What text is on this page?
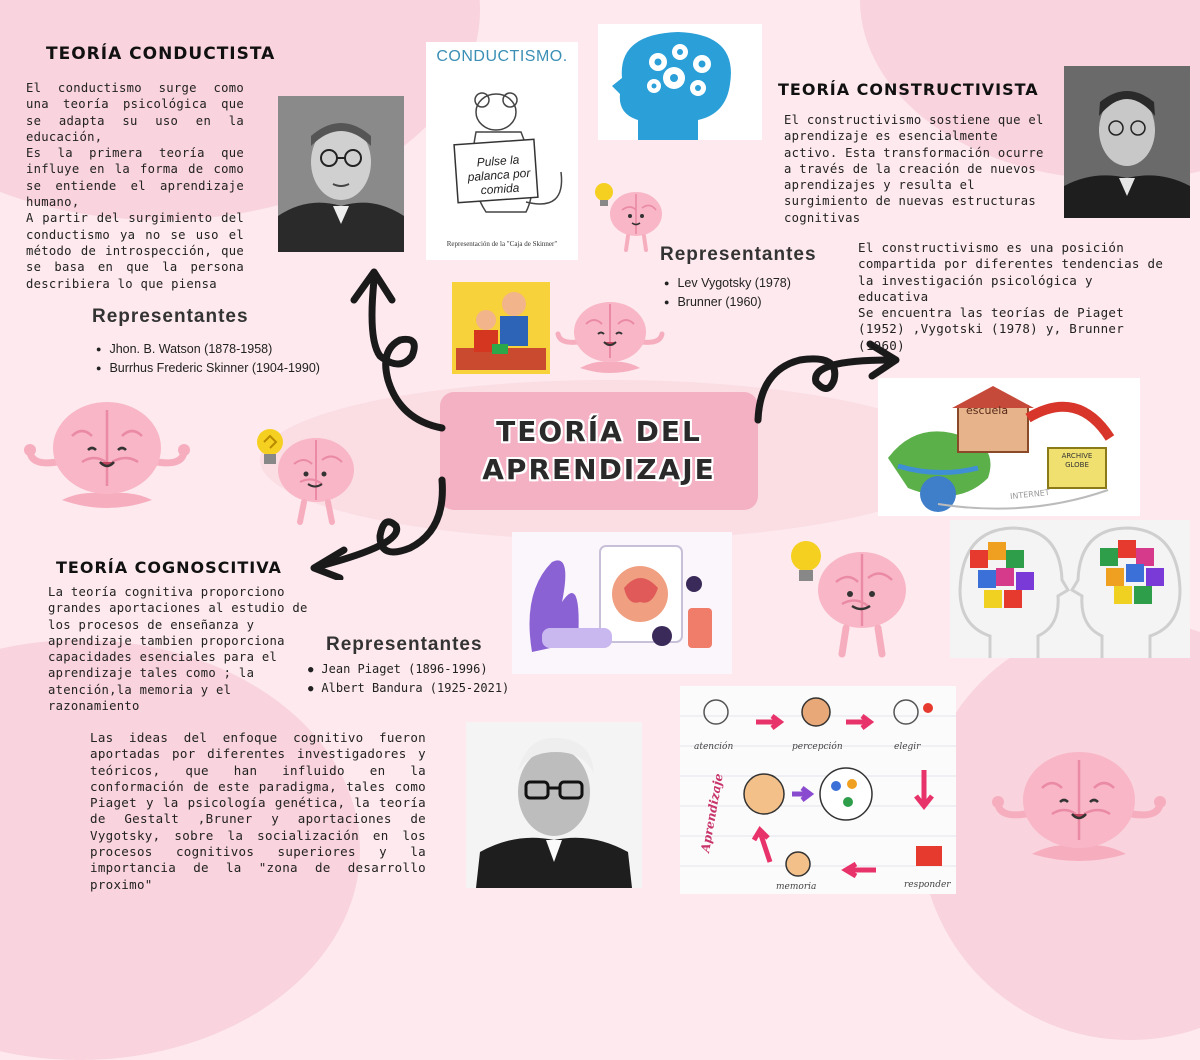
TEORÍA CONDUCTISTA
El conductismo surge como una teoría psicológica que se adapta su uso en la educación,
Es la primera teoría que influye en la forma de como se entiende el aprendizaje humano,
A partir del surgimiento del conductismo ya no se uso el método de introspección, que se basa en que la persona describiera lo que piensa
Representantes
● Jhon. B. Watson (1878-1958)
● Burrhus Frederic Skinner (1904-1990)
CONDUCTISMO.
Pulse la palanca por comida
Representación de la "Caja de Skinner"
TEORÍA DEL
APRENDIZAJE
TEORÍA CONSTRUCTIVISTA
El constructivismo sostiene que el aprendizaje es esencialmente activo. Esta transformación ocurre a través de la creación de nuevos aprendizajes y resulta el surgimiento de nuevas estructuras cognitivas
Representantes
● Lev Vygotsky (1978)
● Brunner (1960)
El constructivismo es una posición compartida por diferentes tendencias de la investigación psicológica y educativa
Se encuentra las teorías de Piaget (1952) ,Vygotski (1978) y, Brunner (1960)
escuela
ARCHIVE GLOBE
INTERNET
TEORÍA COGNOSCITIVA
La teoría cognitiva proporciono grandes aportaciones al estudio de los procesos de enseñanza y aprendizaje tambien proporciona capacidades esenciales para el aprendizaje tales como ; la atención,la memoria y el razonamiento
Representantes
● Jean Piaget (1896-1996)
● Albert Bandura (1925-2021)
Las ideas del enfoque cognitivo fueron aportadas por diferentes investigadores y teóricos, que han influido en la conformación de este paradigma, tales como Piaget y la psicología genética, la teoría de Gestalt ,Bruner y aportaciones de Vygotsky, sobre la socialización en los procesos cognitivos superiores y la importancia de la "zona de desarrollo proximo"
atención	percepción	elegir
responder
memoria
Aprendizaje
